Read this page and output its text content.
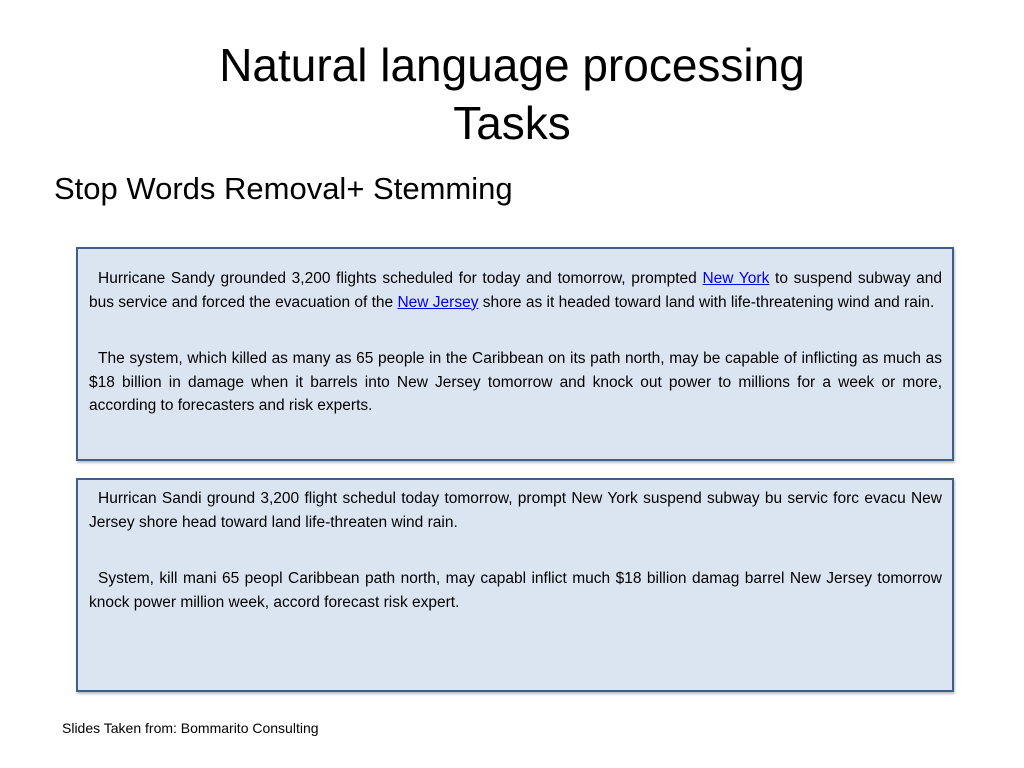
Natural language processing
Tasks
Stop Words Removal+ Stemming

Hurricane Sandy grounded 3,200 flights scheduled for today and tomorrow, prompted New York to suspend subway and bus service and forced the evacuation of the New Jersey shore as it headed toward land with life-threatening wind and rain.

The system, which killed as many as 65 people in the Caribbean on its path north, may be capable of inflicting as much as $18 billion in damage when it barrels into New Jersey tomorrow and knock out power to millions for a week or more, according to forecasters and risk experts.

Hurrican Sandi ground 3,200 flight schedul today tomorrow, prompt New York suspend subway bu servic forc evacu New Jersey shore head toward land life-threaten wind rain.

System, kill mani 65 peopl Caribbean path north, may capabl inflict much $18 billion damag barrel New Jersey tomorrow knock power million week, accord forecast risk expert.

Slides Taken from: Bommarito Consulting
